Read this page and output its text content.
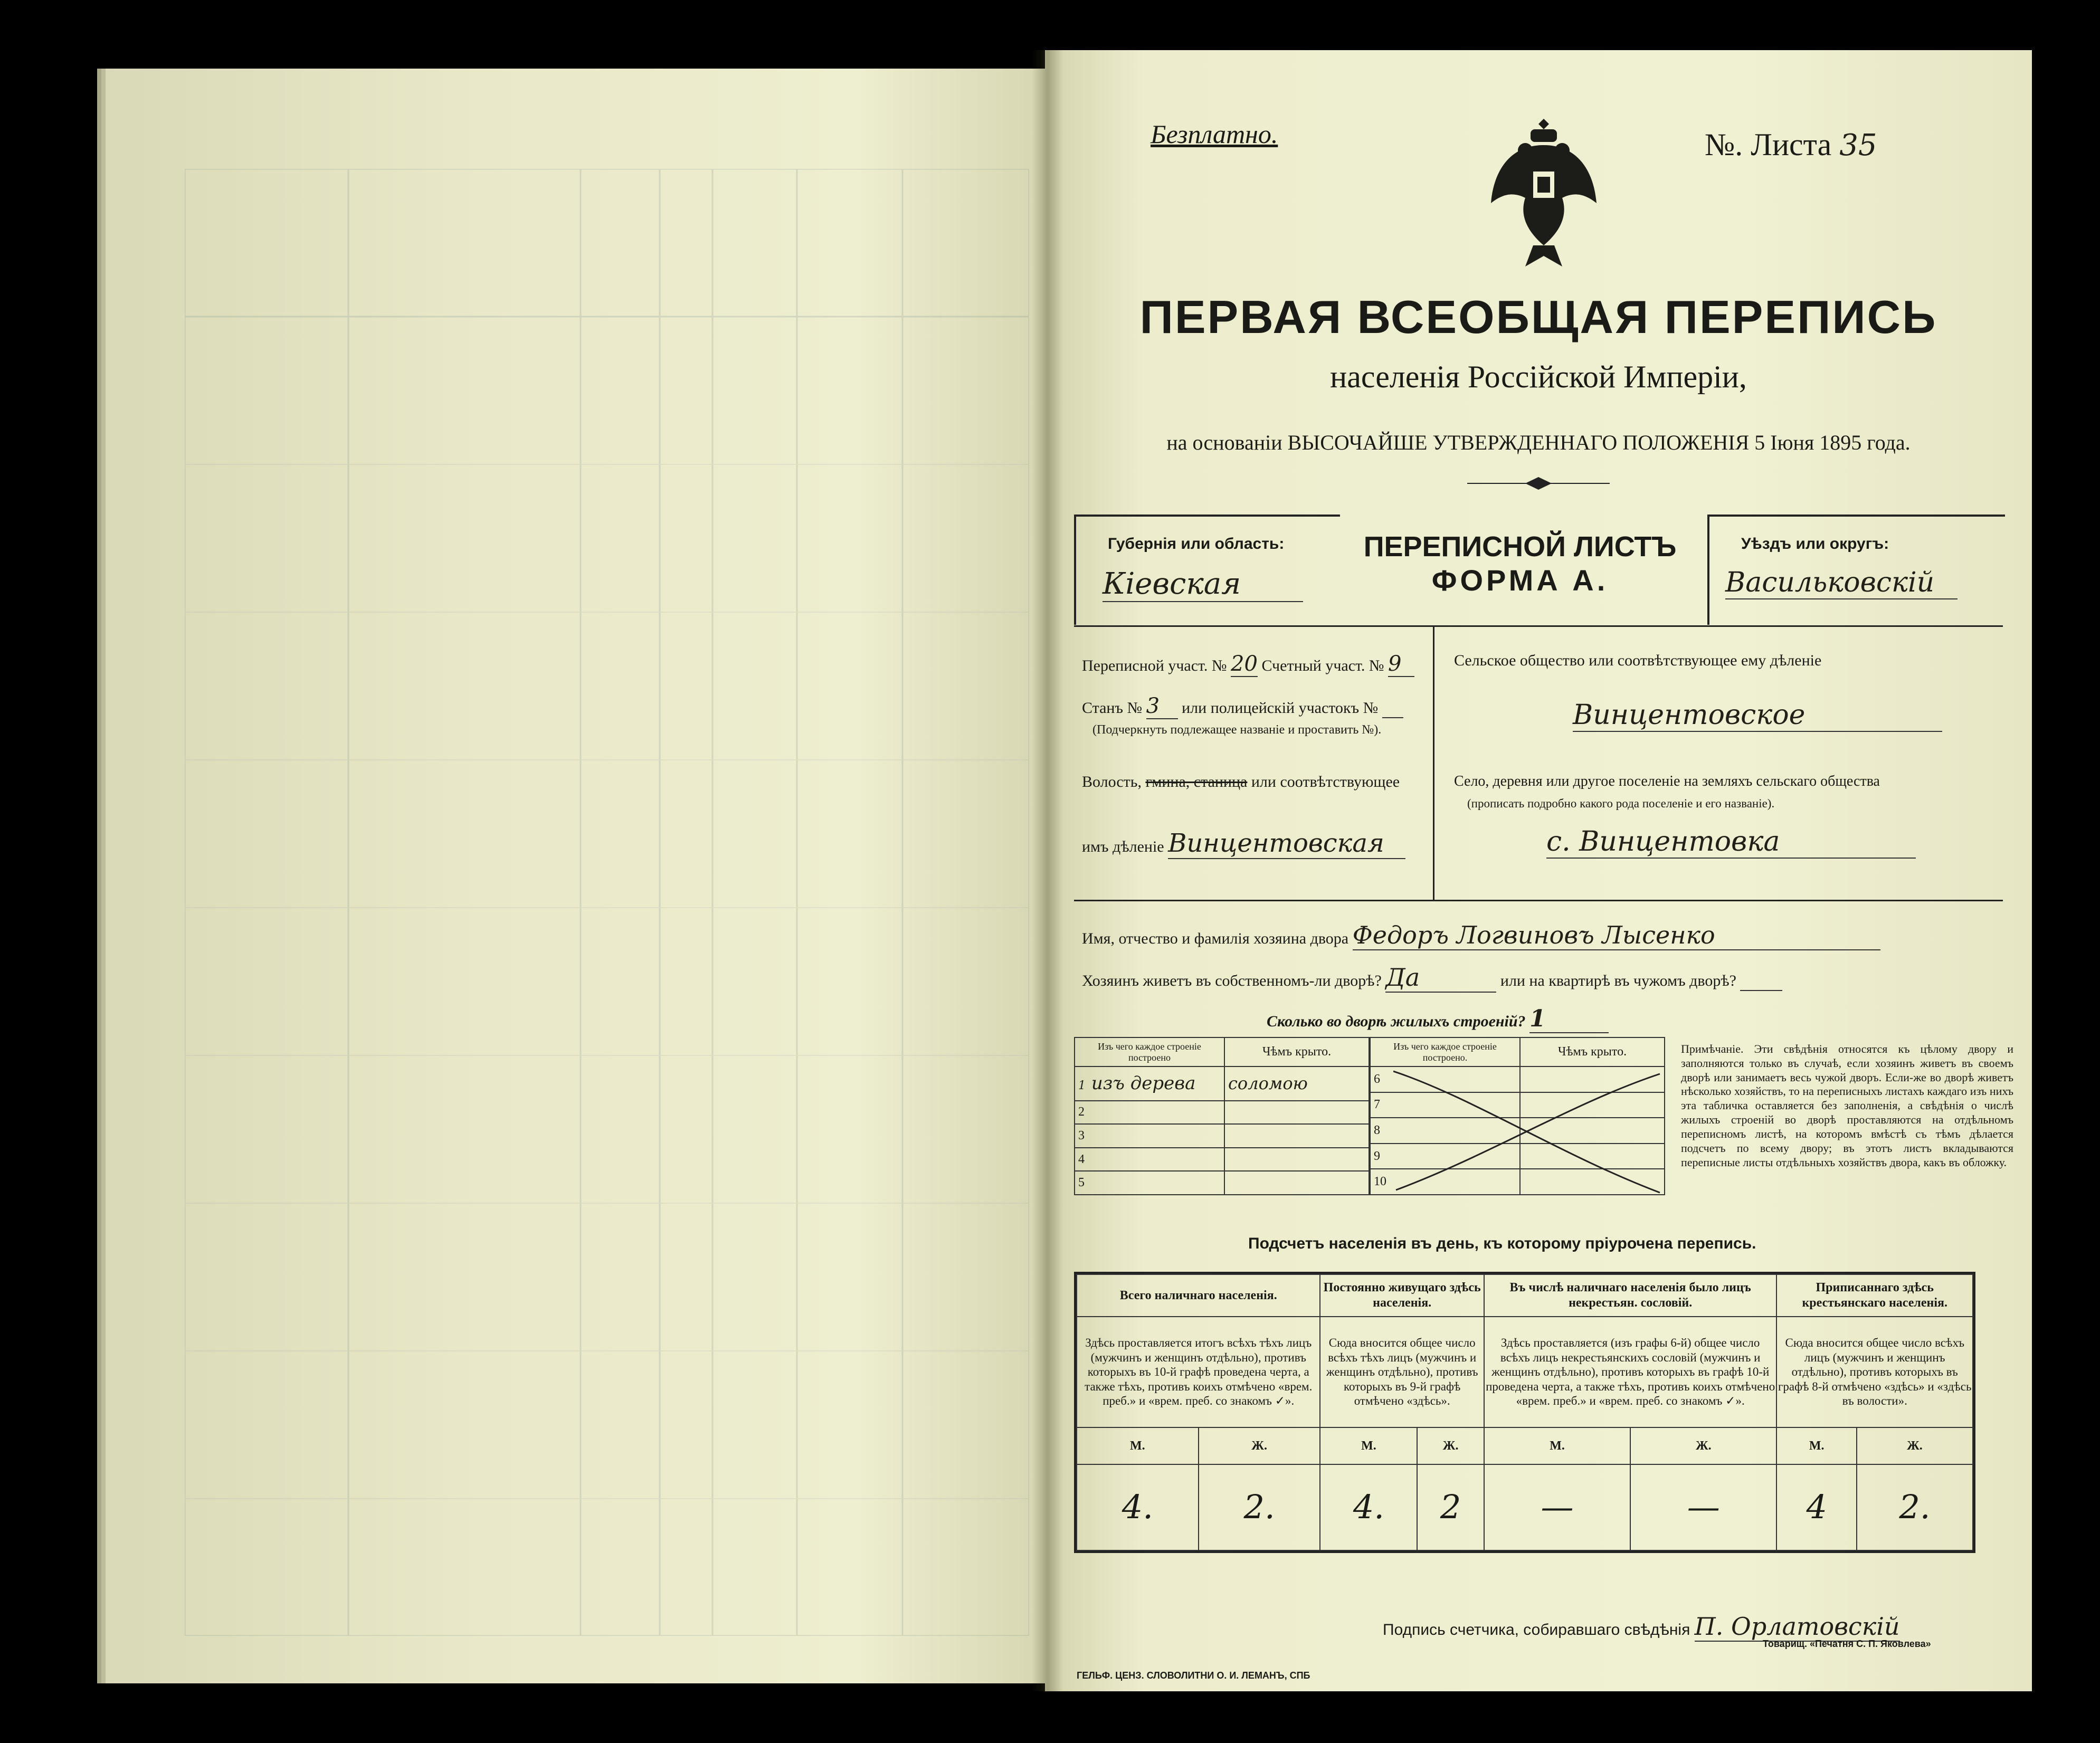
Безплатно.	№. Листа 35
ПЕРВАЯ ВСЕОБЩАЯ ПЕРЕПИСЬ
населенія Россійской Имперіи,
на основаніи ВЫСОЧАЙШЕ УТВЕРЖДЕННАГО ПОЛОЖЕНІЯ 5 Іюня 1895 года.
Губернія или область:
Кіевская
ПЕРЕПИСНОЙ ЛИСТЪ
ФОРМА А.
Уѣздъ или округъ:
Васильковскій
Переписной участ. № 20 Счетный участ. № 9
Станъ № 3 или полицейскій участокъ №
(Подчеркнуть подлежащее названіе и проставить №).
Волость, гмина, станица или соотвѣтствующее
имъ дѣленіе Винцентовская
Сельское общество или соотвѣтствующее ему дѣленіе
Винцентовское
Село, деревня или другое поселеніе на земляхъ сельскаго общества
(прописать подробно какого рода поселеніе и его названіе).
с. Винцентовка
Имя, отчество и фамилія хозяина двора Федоръ Логвиновъ Лысенко
Хозяинъ живетъ въ собственномъ-ли дворѣ? Да	или на квартирѣ въ чужомъ дворѣ?
Сколько во дворѣ жилыхъ строеній? 1
Изъ чего каждое строеніе построено	Чѣмъ крыто.
1 изъ дерева	соломою
2	
3	
4	
5	
Изъ чего каждое строеніе построено.	Чѣмъ крыто.
6	
7	
8	
9	
10	
Примѣчаніе. Эти свѣдѣнія относятся къ цѣлому двору и заполняются только въ случаѣ, если хозяинъ живетъ въ своемъ дворѣ или занимаетъ весь чужой дворъ. Если-же во дворѣ живетъ нѣсколько хозяйствъ, то на переписныхъ листахъ каждаго изъ нихъ эта табличка оставляется без заполненія, а свѣдѣнія о числѣ жилыхъ строеній во дворѣ проставляются на отдѣльномъ переписномъ листѣ, на которомъ вмѣстѣ съ тѣмъ дѣлается подсчетъ по всему двору; въ этотъ листъ вкладываются переписные листы отдѣльныхъ хозяйствъ двора, какъ въ обложку.
Подсчетъ населенія въ день, къ которому пріурочена перепись.
Всего наличнаго населенія.		Постоянно живущаго здѣсь населенія.		Въ числѣ наличнаго населенія было лицъ некрестьян. сословій.		Приписаннаго здѣсь крестьянскаго населенія.	
Здѣсь проставляется итогъ всѣхъ тѣхъ лицъ (мужчинъ и женщинъ отдѣльно), противъ которыхъ въ 10-й графѣ проведена черта, а также тѣхъ, противъ коихъ отмѣчено «врем. преб.» и «врем. преб. со знакомъ ✓».		Сюда вносится общее число всѣхъ тѣхъ лицъ (мужчинъ и женщинъ отдѣльно), противъ которыхъ въ 9-й графѣ отмѣчено «здѣсь».		Здѣсь проставляется (изъ графы 6-й) общее число всѣхъ лицъ некрестьянскихъ сословій (мужчинъ и женщинъ отдѣльно), противъ которыхъ въ графѣ 10-й проведена черта, а также тѣхъ, противъ коихъ отмѣчено «врем. преб.» и «врем. преб. со знакомъ ✓».		Сюда вносится общее число всѣхъ лицъ (мужчинъ и женщинъ отдѣльно), противъ которыхъ въ графѣ 8-й отмѣчено «здѣсь» и «здѣсь въ волости».	
М.	Ж.	М.	Ж.	М.	Ж.	М.	Ж.
4.	2.	4.	2	—	—	4	2.
Подпись счетчика, собиравшаго свѣдѣнія П. Орлатовскій
ГЕЛЬФ. ЦЕНЗ. СЛОВОЛИТНИ О. И. ЛЕМАНЪ, СПБ
Товарищ. «Печатня С. П. Яковлева»
